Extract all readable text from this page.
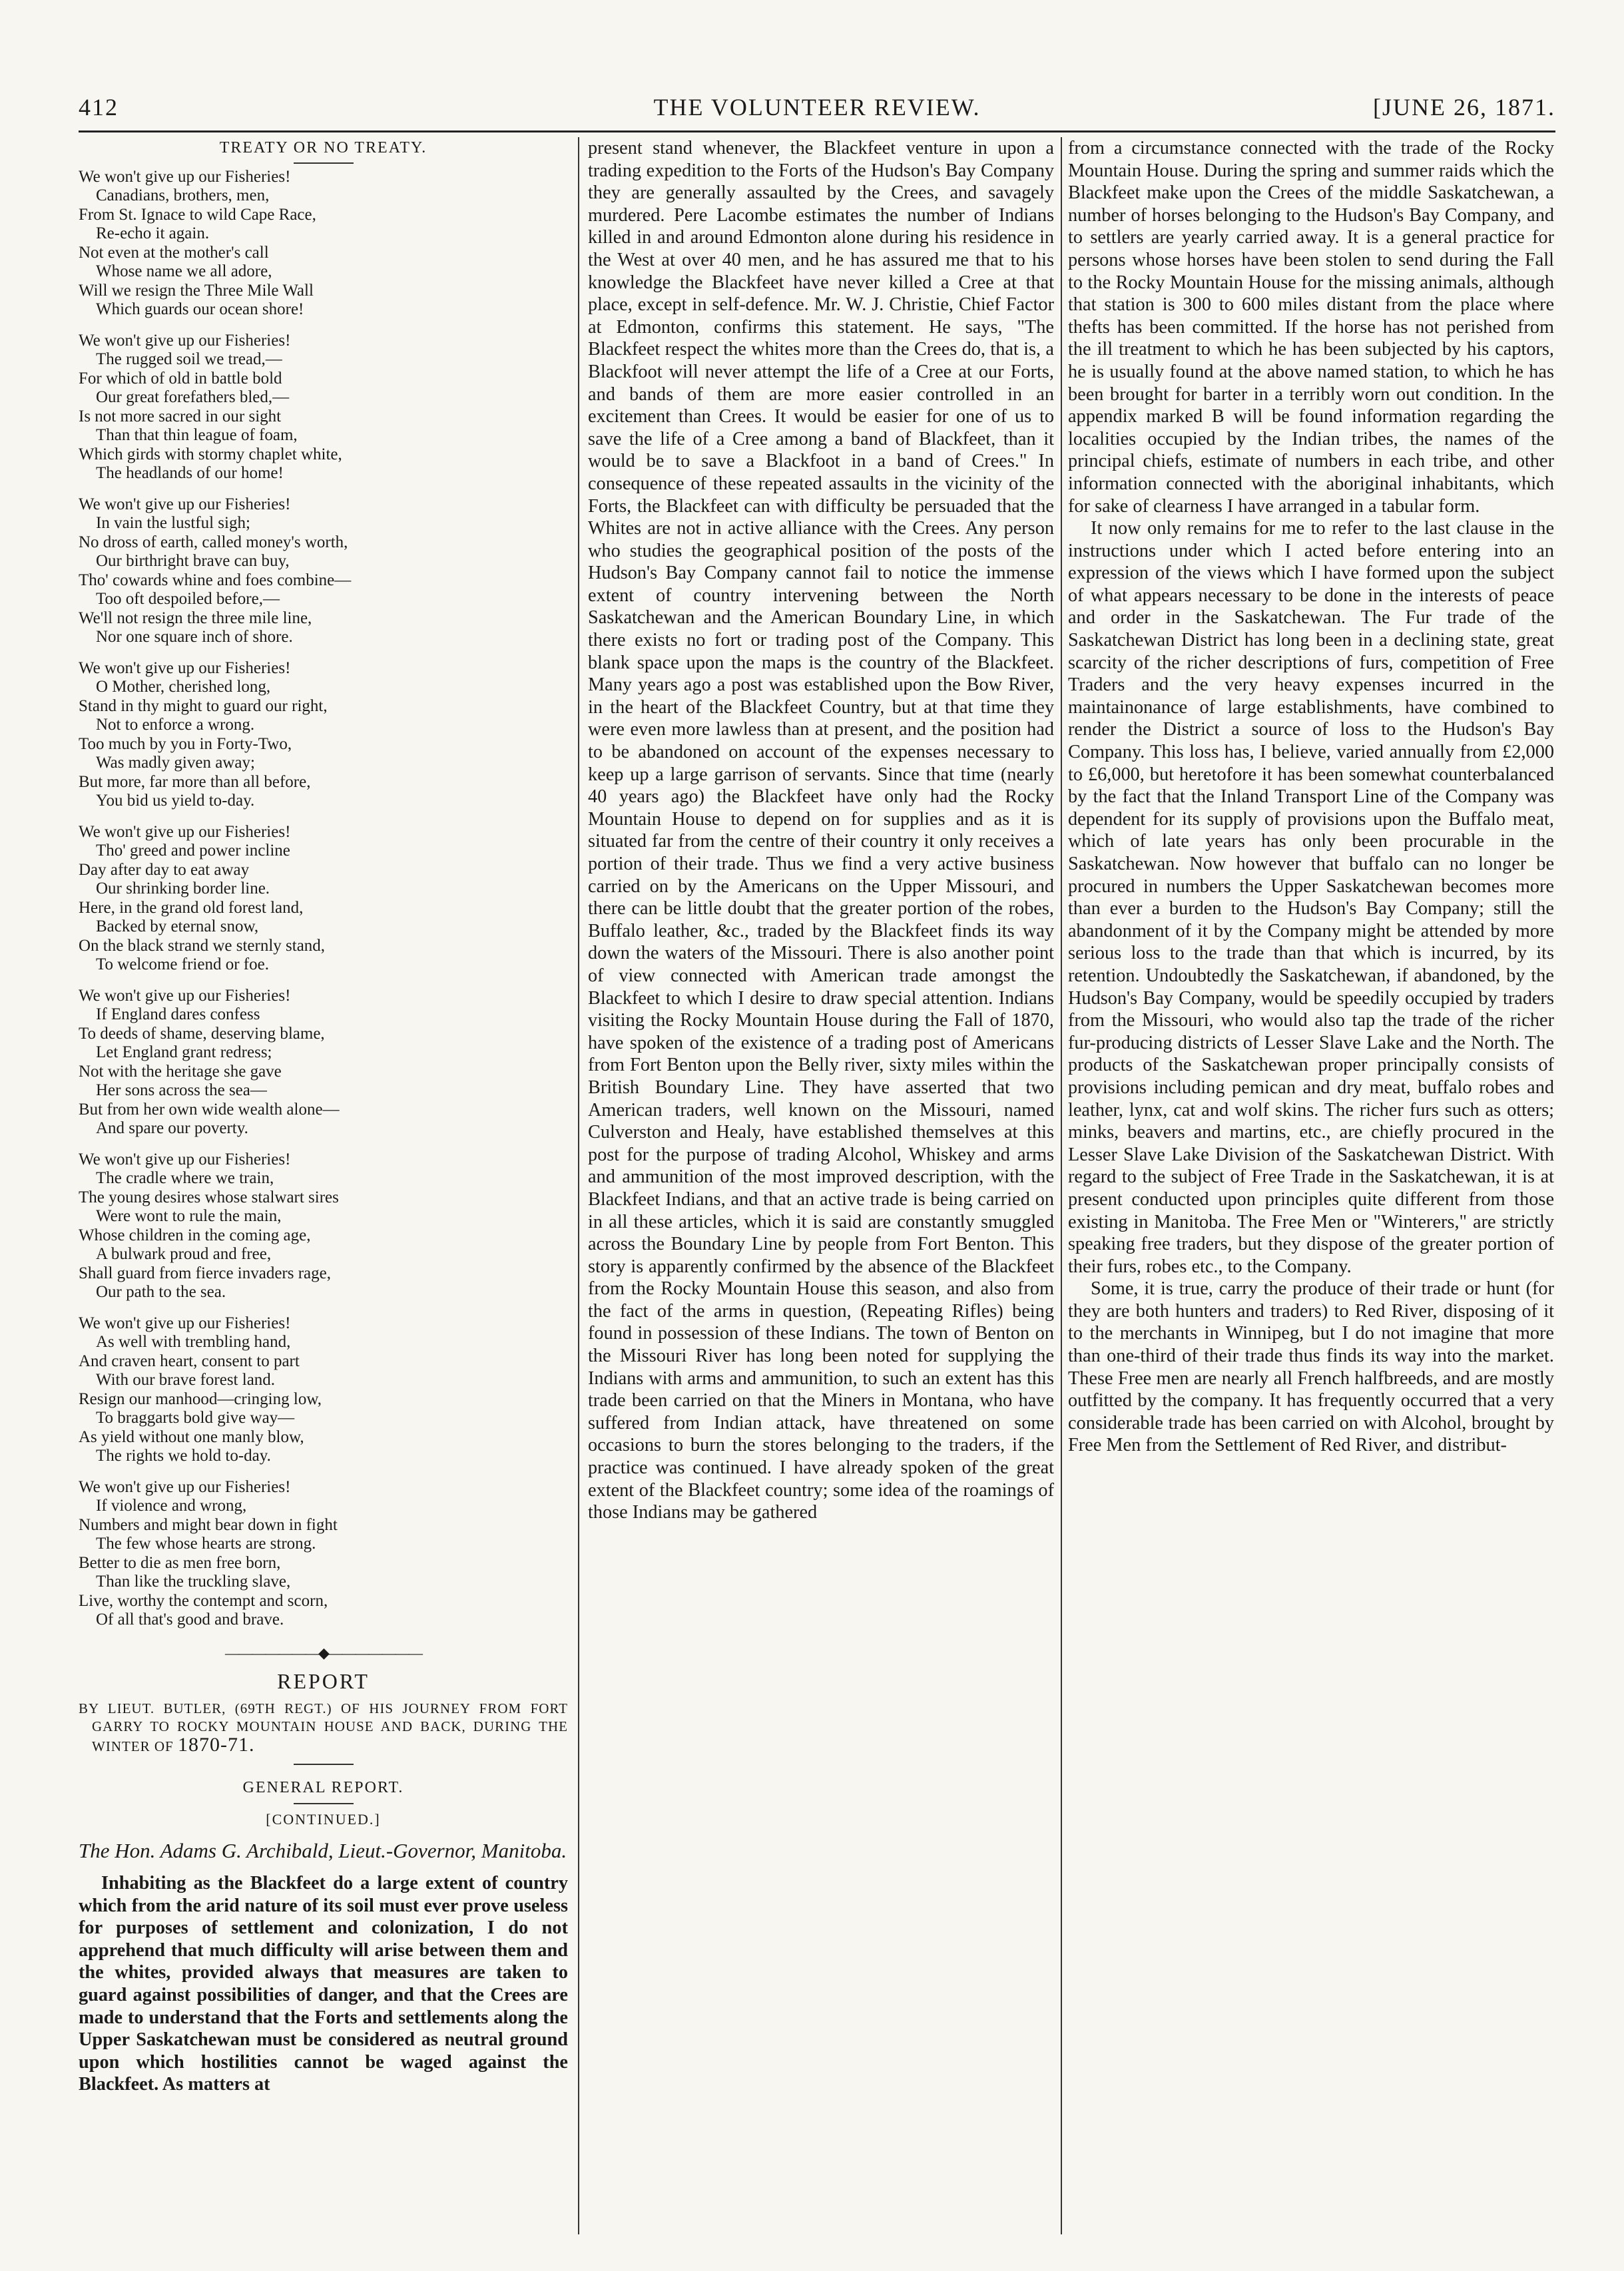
412	THE VOLUNTEER REVIEW.	[JUNE 26, 1871.
TREATY OR NO TREATY.
We won't give up our Fisheries!
Canadians, brothers, men,
From St. Ignace to wild Cape Race,
Re-echo it again.
Not even at the mother's call
Whose name we all adore,
Will we resign the Three Mile Wall
Which guards our ocean shore!
We won't give up our Fisheries!
The rugged soil we tread,—
For which of old in battle bold
Our great forefathers bled,—
Is not more sacred in our sight
Than that thin league of foam,
Which girds with stormy chaplet white,
The headlands of our home!
We won't give up our Fisheries!
In vain the lustful sigh;
No dross of earth, called money's worth,
Our birthright brave can buy,
Tho' cowards whine and foes combine—
Too oft despoiled before,—
We'll not resign the three mile line,
Nor one square inch of shore.
We won't give up our Fisheries!
O Mother, cherished long,
Stand in thy might to guard our right,
Not to enforce a wrong.
Too much by you in Forty-Two,
Was madly given away;
But more, far more than all before,
You bid us yield to-day.
We won't give up our Fisheries!
Tho' greed and power incline
Day after day to eat away
Our shrinking border line.
Here, in the grand old forest land,
Backed by eternal snow,
On the black strand we sternly stand,
To welcome friend or foe.
We won't give up our Fisheries!
If England dares confess
To deeds of shame, deserving blame,
Let England grant redress;
Not with the heritage she gave
Her sons across the sea—
But from her own wide wealth alone—
And spare our poverty.
We won't give up our Fisheries!
The cradle where we train,
The young desires whose stalwart sires
Were wont to rule the main,
Whose children in the coming age,
A bulwark proud and free,
Shall guard from fierce invaders rage,
Our path to the sea.
We won't give up our Fisheries!
As well with trembling hand,
And craven heart, consent to part
With our brave forest land.
Resign our manhood—cringing low,
To braggarts bold give way—
As yield without one manly blow,
The rights we hold to-day.
We won't give up our Fisheries!
If violence and wrong,
Numbers and might bear down in fight
The few whose hearts are strong.
Better to die as men free born,
Than like the truckling slave,
Live, worthy the contempt and scorn,
Of all that's good and brave.
———————◆———————
REPORT
BY LIEUT. BUTLER, (69TH REGT.) OF HIS JOURNEY FROM FORT GARRY TO ROCKY MOUNTAIN HOUSE AND BACK, DURING THE WINTER OF 1870-71.
GENERAL REPORT.
[CONTINUED.]
The Hon. Adams G. Archibald, Lieut.-Governor, Manitoba.

Inhabiting as the Blackfeet do a large extent of country which from the arid nature of its soil must ever prove useless for purposes of settlement and colonization, I do not apprehend that much difficulty will arise between them and the whites, provided always that measures are taken to guard against possibilities of danger, and that the Crees are made to understand that the Forts and settlements along the Upper Saskatchewan must be considered as neutral ground upon which hostilities cannot be waged against the Blackfeet. As matters at

present stand whenever, the Blackfeet venture in upon a trading expedition to the Forts of the Hudson's Bay Company they are generally assaulted by the Crees, and savagely murdered. Pere Lacombe estimates the number of Indians killed in and around Edmonton alone during his residence in the West at over 40 men, and he has assured me that to his knowledge the Blackfeet have never killed a Cree at that place, except in self-defence. Mr. W. J. Christie, Chief Factor at Edmonton, confirms this statement. He says, "The Blackfeet respect the whites more than the Crees do, that is, a Blackfoot will never attempt the life of a Cree at our Forts, and bands of them are more easier controlled in an excitement than Crees. It would be easier for one of us to save the life of a Cree among a band of Blackfeet, than it would be to save a Blackfoot in a band of Crees." In consequence of these repeated assaults in the vicinity of the Forts, the Blackfeet can with difficulty be persuaded that the Whites are not in active alliance with the Crees. Any person who studies the geographical position of the posts of the Hudson's Bay Company cannot fail to notice the immense extent of country intervening between the North Saskatchewan and the American Boundary Line, in which there exists no fort or trading post of the Company. This blank space upon the maps is the country of the Blackfeet. Many years ago a post was established upon the Bow River, in the heart of the Blackfeet Country, but at that time they were even more lawless than at present, and the position had to be abandoned on account of the expenses necessary to keep up a large garrison of servants. Since that time (nearly 40 years ago) the Blackfeet have only had the Rocky Mountain House to depend on for supplies and as it is situated far from the centre of their country it only receives a portion of their trade. Thus we find a very active business carried on by the Americans on the Upper Missouri, and there can be little doubt that the greater portion of the robes, Buffalo leather, &c., traded by the Blackfeet finds its way down the waters of the Missouri. There is also another point of view connected with American trade amongst the Blackfeet to which I desire to draw special attention. Indians visiting the Rocky Mountain House during the Fall of 1870, have spoken of the existence of a trading post of Americans from Fort Benton upon the Belly river, sixty miles within the British Boundary Line. They have asserted that two American traders, well known on the Missouri, named Culverston and Healy, have established themselves at this post for the purpose of trading Alcohol, Whiskey and arms and ammunition of the most improved description, with the Blackfeet Indians, and that an active trade is being carried on in all these articles, which it is said are constantly smuggled across the Boundary Line by people from Fort Benton. This story is apparently confirmed by the absence of the Blackfeet from the Rocky Mountain House this season, and also from the fact of the arms in question, (Repeating Rifles) being found in possession of these Indians. The town of Benton on the Missouri River has long been noted for supplying the Indians with arms and ammunition, to such an extent has this trade been carried on that the Miners in Montana, who have suffered from Indian attack, have threatened on some occasions to burn the stores belonging to the traders, if the practice was continued. I have already spoken of the great extent of the Blackfeet country; some idea of the roamings of those Indians may be gathered

from a circumstance connected with the trade of the Rocky Mountain House. During the spring and summer raids which the Blackfeet make upon the Crees of the middle Saskatchewan, a number of horses belonging to the Hudson's Bay Company, and to settlers are yearly carried away. It is a general practice for persons whose horses have been stolen to send during the Fall to the Rocky Mountain House for the missing animals, although that station is 300 to 600 miles distant from the place where thefts has been committed. If the horse has not perished from the ill treatment to which he has been subjected by his captors, he is usually found at the above named station, to which he has been brought for barter in a terribly worn out condition. In the appendix marked B will be found information regarding the localities occupied by the Indian tribes, the names of the principal chiefs, estimate of numbers in each tribe, and other information connected with the aboriginal inhabitants, which for sake of clearness I have arranged in a tabular form.

It now only remains for me to refer to the last clause in the instructions under which I acted before entering into an expression of the views which I have formed upon the subject of what appears necessary to be done in the interests of peace and order in the Saskatchewan. The Fur trade of the Saskatchewan District has long been in a declining state, great scarcity of the richer descriptions of furs, competition of Free Traders and the very heavy expenses incurred in the maintainonance of large establishments, have combined to render the District a source of loss to the Hudson's Bay Company. This loss has, I believe, varied annually from £2,000 to £6,000, but heretofore it has been somewhat counterbalanced by the fact that the Inland Transport Line of the Company was dependent for its supply of provisions upon the Buffalo meat, which of late years has only been procurable in the Saskatchewan. Now however that buffalo can no longer be procured in numbers the Upper Saskatchewan becomes more than ever a burden to the Hudson's Bay Company; still the abandonment of it by the Company might be attended by more serious loss to the trade than that which is incurred, by its retention. Undoubtedly the Saskatchewan, if abandoned, by the Hudson's Bay Company, would be speedily occupied by traders from the Missouri, who would also tap the trade of the richer fur-producing districts of Lesser Slave Lake and the North. The products of the Saskatchewan proper principally consists of provisions including pemican and dry meat, buffalo robes and leather, lynx, cat and wolf skins. The richer furs such as otters; minks, beavers and martins, etc., are chiefly procured in the Lesser Slave Lake Division of the Saskatchewan District. With regard to the subject of Free Trade in the Saskatchewan, it is at present conducted upon principles quite different from those existing in Manitoba. The Free Men or "Winterers," are strictly speaking free traders, but they dispose of the greater portion of their furs, robes etc., to the Company.

Some, it is true, carry the produce of their trade or hunt (for they are both hunters and traders) to Red River, disposing of it to the merchants in Winnipeg, but I do not imagine that more than one-third of their trade thus finds its way into the market. These Free men are nearly all French halfbreeds, and are mostly outfitted by the company. It has frequently occurred that a very considerable trade has been carried on with Alcohol, brought by Free Men from the Settlement of Red River, and distribut-
